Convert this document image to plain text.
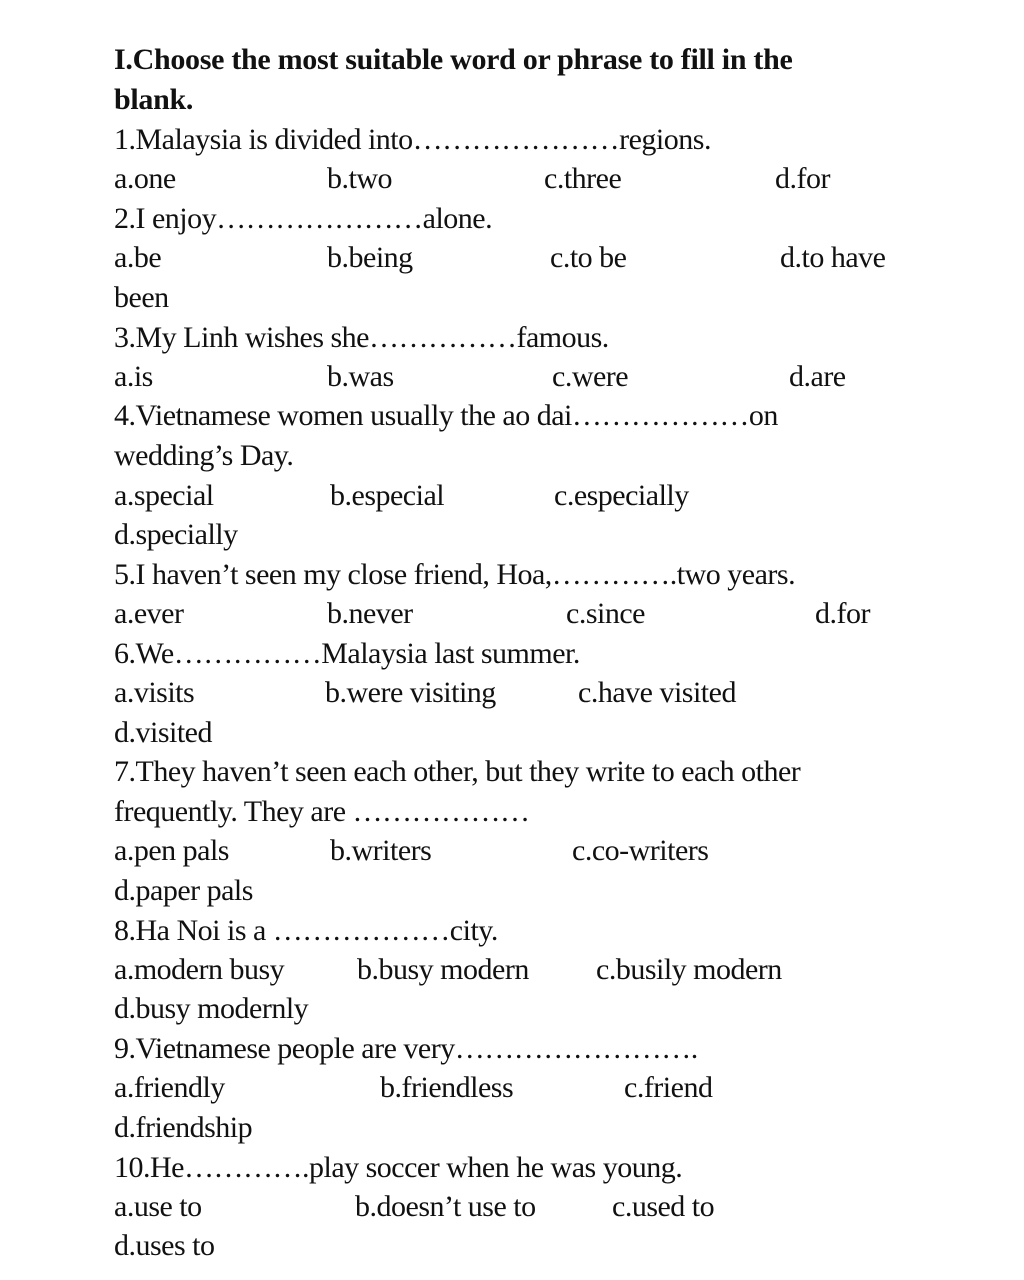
I.Choose the most suitable word or phrase to fill in the blank.
1.Malaysia is divided into…………………regions.
a.one	b.two	c.three	d.for
2.I enjoy…………………alone.
a.be	b.being	c.to be	d.to have
been
3.My Linh wishes she……………famous.
a.is	b.was	c.were	d.are
4.Vietnamese women usually the ao dai………………on
wedding’s Day.
a.special	b.especial	c.especially
d.specially
5.I haven’t seen my close friend, Hoa,………….two years.
a.ever	b.never	c.since	d.for
6.We……………Malaysia last summer.
a.visits	b.were visiting	c.have visited
d.visited
7.They haven’t seen each other, but they write to each other
frequently. They are ………………
a.pen pals	b.writers	c.co-writers
d.paper pals
8.Ha Noi is a ………………city.
a.modern busy b.busy modern c.busily modern
d.busy modernly
9.Vietnamese people are very…………………….
a.friendly	b.friendless	c.friend
d.friendship
10.He………….play soccer when he was young.
a.use to	b.doesn’t use to	c.used to
d.uses to
